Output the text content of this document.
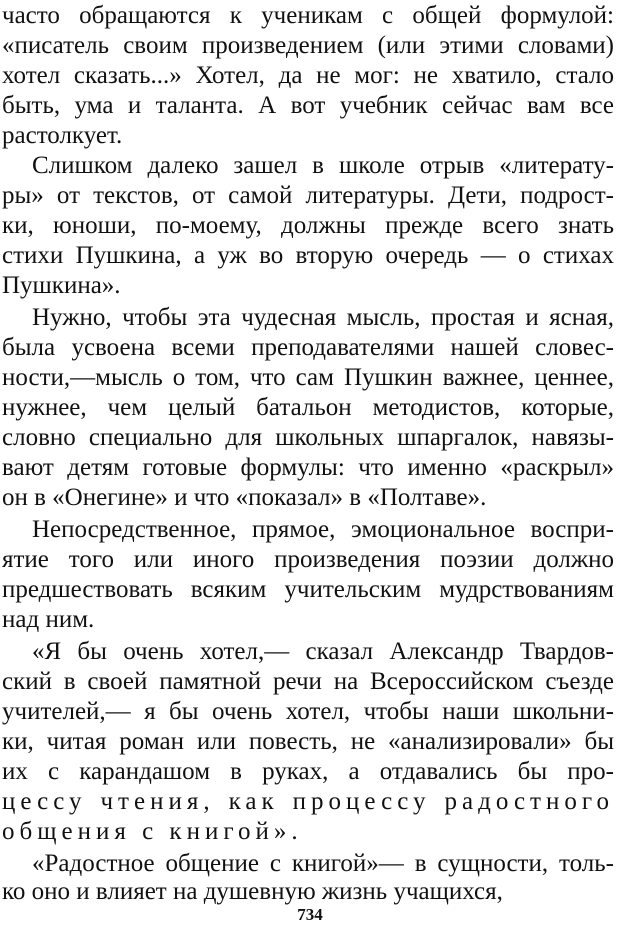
часто обращаются к ученикам с общей формулой:
«писатель своим произведением (или этими словами)
хотел сказать...» Хотел, да не мог: не хватило, стало
быть, ума и таланта. А вот учебник сейчас вам все
растолкует.
Слишком далеко зашел в школе отрыв «литерату-
ры» от текстов, от самой литературы. Дети, подрост-
ки, юноши, по-моему, должны прежде всего знать
стихи Пушкина, а уж во вторую очередь — о стихах
Пушкина».
Нужно, чтобы эта чудесная мысль, простая и ясная,
была усвоена всеми преподавателями нашей словес-
ности,—мысль о том, что сам Пушкин важнее, ценнее,
нужнее, чем целый батальон методистов, которые,
словно специально для школьных шпаргалок, навязы-
вают детям готовые формулы: что именно «раскрыл»
он в «Онегине» и что «показал» в «Полтаве».
Непосредственное, прямое, эмоциональное воспри-
ятие того или иного произведения поэзии должно
предшествовать всяким учительским мудрствованиям
над ним.
«Я бы очень хотел,— сказал Александр Твардов-
ский в своей памятной речи на Всероссийском съезде
учителей,— я бы очень хотел, чтобы наши школьни-
ки, читая роман или повесть, не «анализировали» бы
их с карандашом в руках, а отдавались бы про-
цессу чтения, как процессу радостного
общения с книгой».
«Радостное общение с книгой»— в сущности, толь-
ко оно и влияет на душевную жизнь учащихся,
734
